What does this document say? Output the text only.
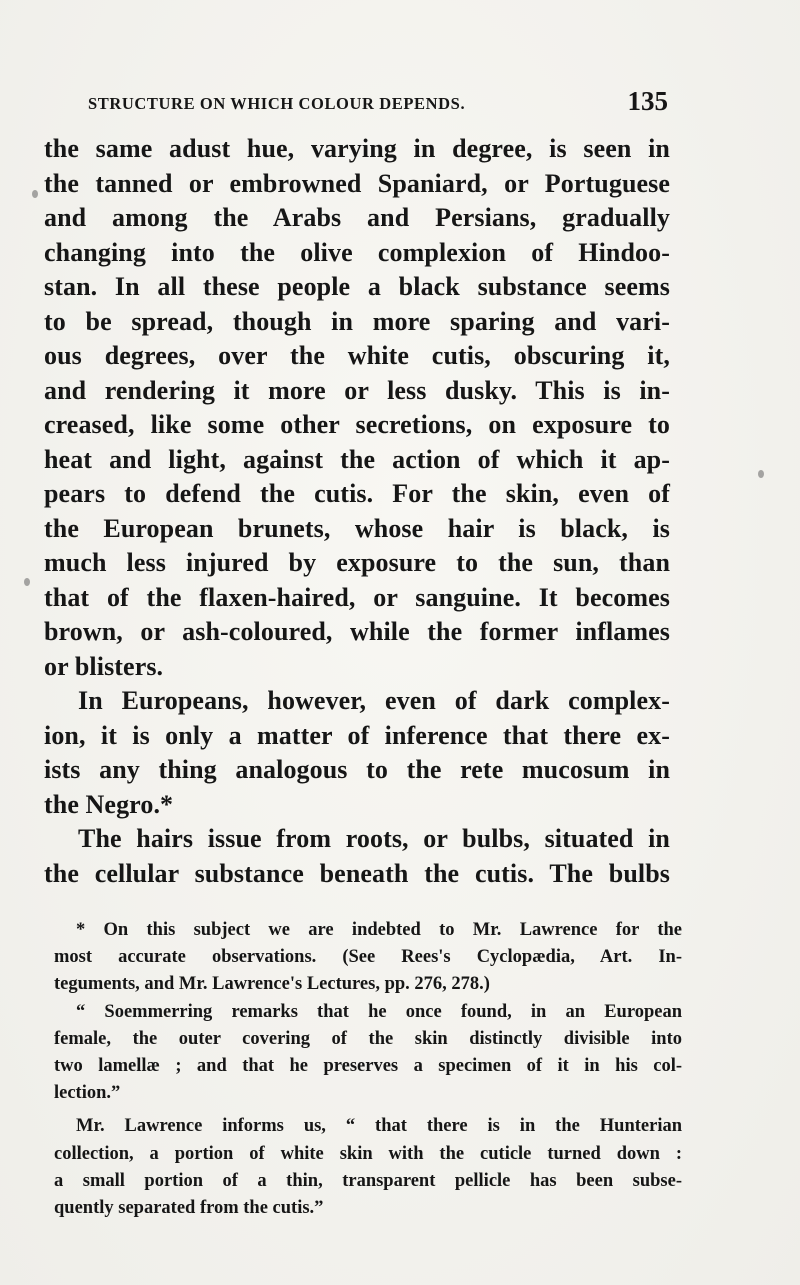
STRUCTURE ON WHICH COLOUR DEPENDS.	135
the same adust hue, varying in degree, is seen in
the tanned or embrowned Spaniard, or Portuguese
and among the Arabs and Persians, gradually
changing into the olive complexion of Hindoo-
stan. In all these people a black substance seems
to be spread, though in more sparing and vari-
ous degrees, over the white cutis, obscuring it,
and rendering it more or less dusky. This is in-
creased, like some other secretions, on exposure to
heat and light, against the action of which it ap-
pears to defend the cutis. For the skin, even of
the European brunets, whose hair is black, is
much less injured by exposure to the sun, than
that of the flaxen-haired, or sanguine. It becomes
brown, or ash-coloured, while the former inflames
or blisters.
In Europeans, however, even of dark complex-
ion, it is only a matter of inference that there ex-
ists any thing analogous to the rete mucosum in
the Negro.*
The hairs issue from roots, or bulbs, situated in
the cellular substance beneath the cutis. The bulbs
* On this subject we are indebted to Mr. Lawrence for the
most accurate observations. (See Rees's Cyclopædia, Art. In-
teguments, and Mr. Lawrence's Lectures, pp. 276, 278.)
“ Soemmerring remarks that he once found, in an European
female, the outer covering of the skin distinctly divisible into
two lamellæ ; and that he preserves a specimen of it in his col-
lection.”
Mr. Lawrence informs us, “ that there is in the Hunterian
collection, a portion of white skin with the cuticle turned down :
a small portion of a thin, transparent pellicle has been subse-
quently separated from the cutis.”
